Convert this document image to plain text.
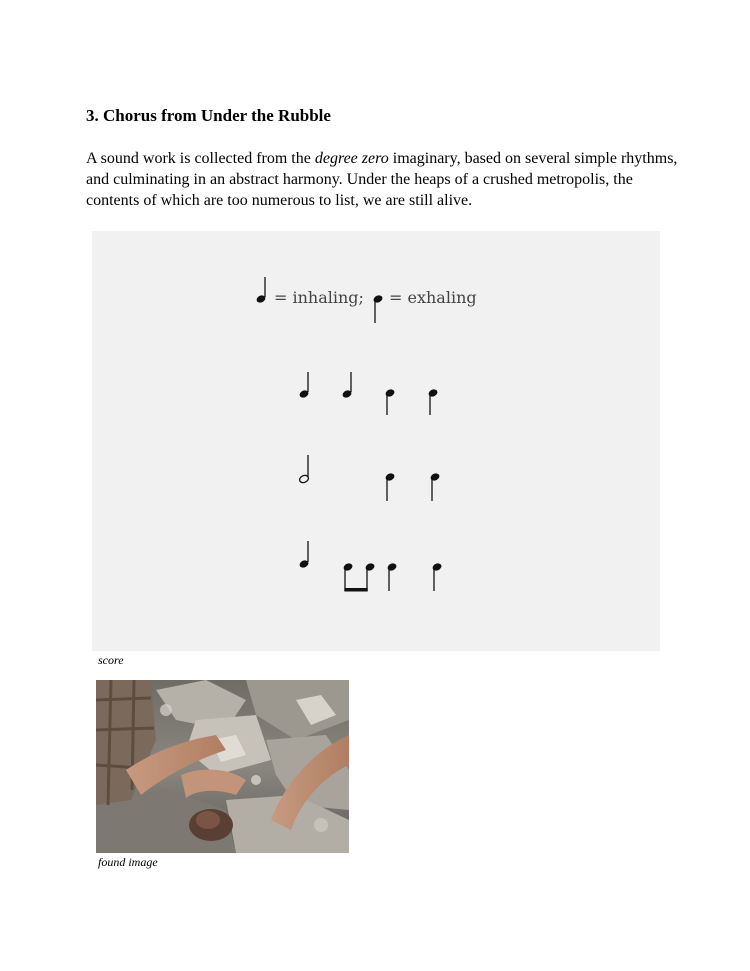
3. Chorus from Under the Rubble

A sound work is collected from the degree zero imaginary, based on several simple rhythms, and culminating in an abstract harmony. Under the heaps of a crushed metropolis, the contents of which are too numerous to list, we are still alive.

= inhaling; = exhaling
score
found image
